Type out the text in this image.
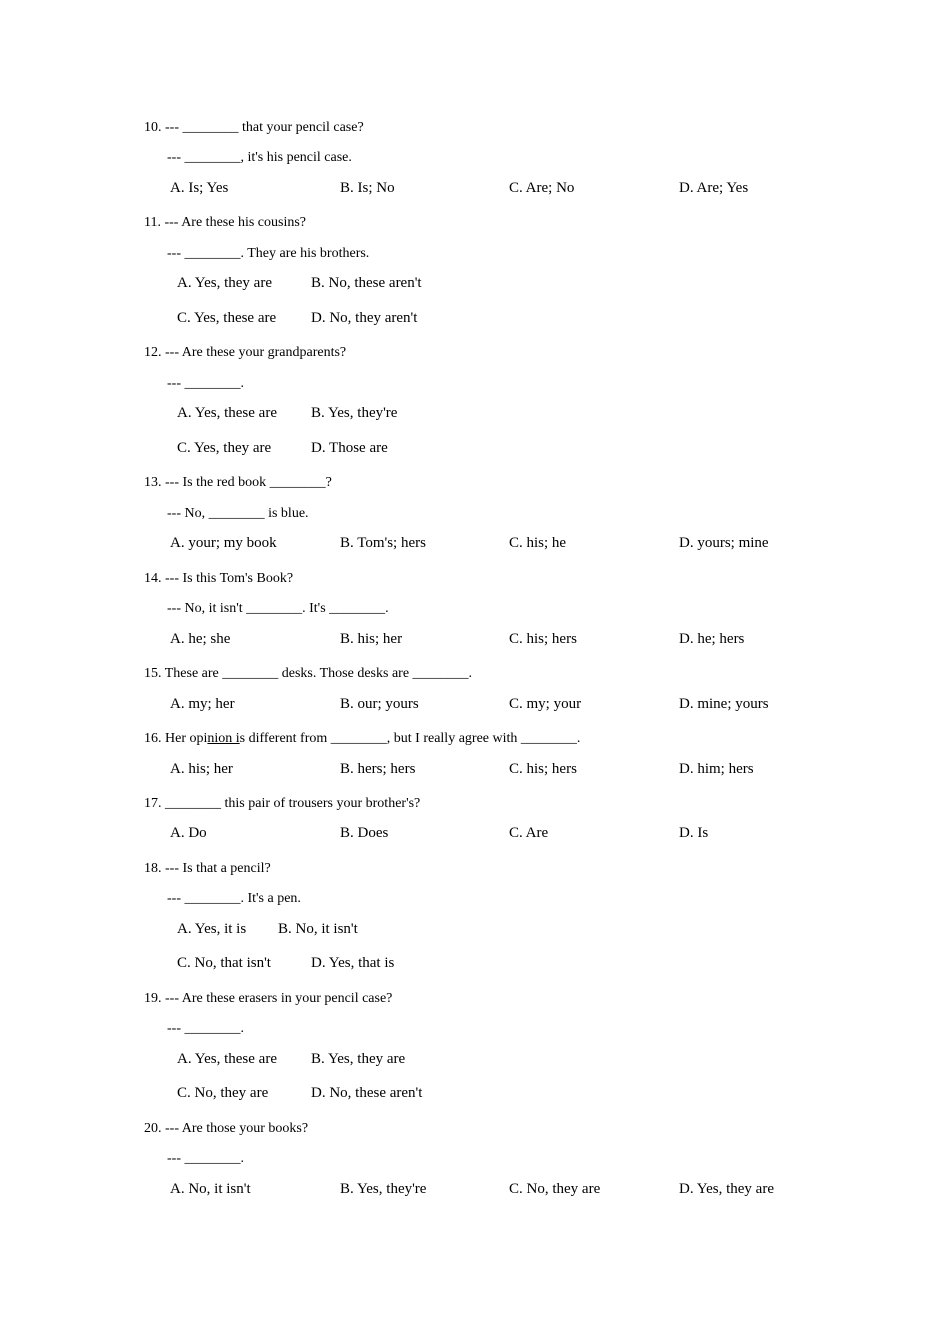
10. --- ________ that your pencil case?
--- ________, it's his pencil case.
A. Is; Yes	B. Is; No	C. Are; No	D. Are; Yes
11. --- Are these his cousins?
--- ________. They are his brothers.
A. Yes, they are	B. No, these aren't
C. Yes, these are D. No, they aren't
12. --- Are these your grandparents?
--- ________.
A. Yes, these are B. Yes, they're
C. Yes, they are	D. Those are
13. --- Is the red book ________?
--- No, ________ is blue.
A. your; my book	B. Tom's; hers	C. his; he	D. yours; mine
14. --- Is this Tom's Book?
--- No, it isn't ________. It's ________.
A. he; she	B. his; her	C. his; hers	D. he; hers
15. These are ________ desks. Those desks are ________.
A. my; her	B. our; yours	C. my; your	D. mine; yours
16. Her opinion is different from ________, but I really agree with ________.
A. his; her	B. hers; hers	C. his; hers	D. him; hers
17. ________ this pair of trousers your brother's?
A. Do	B. Does	C. Are	D. Is
18. --- Is that a pencil?
--- ________. It's a pen.
A. Yes, it is B. No, it isn't
C. No, that isn't	D. Yes, that is
19. --- Are these erasers in your pencil case?
--- ________.
A. Yes, these are B. Yes, they are
C. No, they are	D. No, these aren't
20. --- Are those your books?
--- ________.
A. No, it isn't	B. Yes, they're	C. No, they are	D. Yes, they are
